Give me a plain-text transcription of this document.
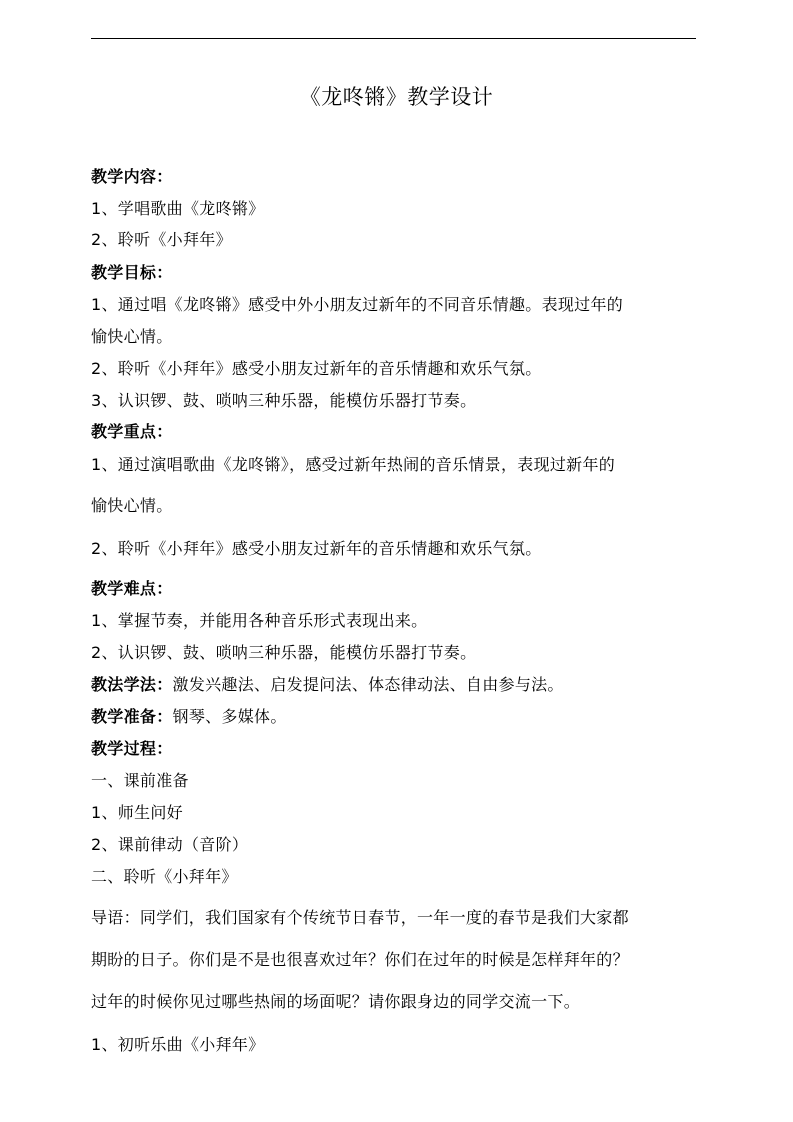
《龙咚锵》教学设计
教学内容：
1、学唱歌曲《龙咚锵》
2、聆听《小拜年》
教学目标：
1、通过唱《龙咚锵》感受中外小朋友过新年的不同音乐情趣。表现过年的
愉快心情。
2、聆听《小拜年》感受小朋友过新年的音乐情趣和欢乐气氛。
3、认识锣、鼓、唢呐三种乐器，能模仿乐器打节奏。
教学重点：
1、通过演唱歌曲《龙咚锵》，感受过新年热闹的音乐情景，表现过新年的
愉快心情。
2、聆听《小拜年》感受小朋友过新年的音乐情趣和欢乐气氛。
教学难点：
1、掌握节奏，并能用各种音乐形式表现出来。
2、认识锣、鼓、唢呐三种乐器，能模仿乐器打节奏。
教法学法：激发兴趣法、启发提问法、体态律动法、自由参与法。
教学准备：钢琴、多媒体。
教学过程：
一、课前准备
1、师生问好
2、课前律动（音阶）
二、聆听《小拜年》
导语：同学们，我们国家有个传统节日春节，一年一度的春节是我们大家都
期盼的日子。你们是不是也很喜欢过年？你们在过年的时候是怎样拜年的？
过年的时候你见过哪些热闹的场面呢？请你跟身边的同学交流一下。
1、初听乐曲《小拜年》
